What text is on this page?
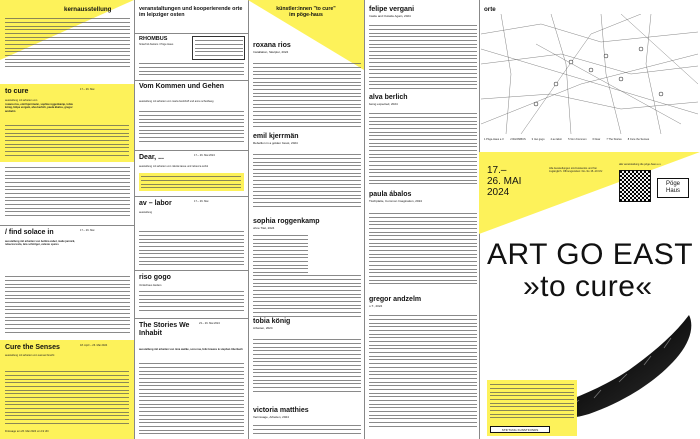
kernausstellung
to cure	17.– 26. Mai
ausstellung mit arbeiten von
roxana rios, emil bjerrmann, sophia roggenkamp, tobia könig, felipe vergani, alva berlich, paula ábalos, gregor andzelm
/ find solace in	17.– 26. Mai
ausstellung mit arbeiten von bettina zabel, maile jannick, rebecca tesla, lara schnitger, celeste speiss
Cure the Senses	18. April – 26. Mai 2024
ausstellung mit arbeiten von samuel bracht
Finissage am 26. Mai 2024 um 19 Uhr
veranstaltungen und kooperierende orte im leipziger osten
RHOMBUS
hinterhof Ateliers / Pöge Haus
Vom Kommen und Gehen
ausstellung mit arbeiten von maria beckhoff und anne scheidweg
Dear, ...	17.– 26. Mai 2024
ausstellung mit arbeiten von nikolai tasse und rebecca sohsl
av – labor	17.– 26. Mai
ausstellung
riso gogo
Vorderhaus Ateliers
The Stories We Inhabit
23.– 26. Mai 2024
ausstellung mit arbeiten von nina weilke, sora noa, felix krewes & stephan tiberbach
künstler:innen "to cure" im pöge-haus
roxana rios
Installation, Skulptur, 2024
emil kjerrmän
Rebellion in a golden forest, 2024
sophia roggenkamp
ohne Titel, 2024
tobia könig
Arbeiten, 2024
victoria matthies
Vernissage, Arbeiten, 2024
felipe vergani
Inside and Outside Again, 2024
alva berlich
being expected, 2024
paula ábalos
Tischplatte, Common Imagination, 2024
gregor andzelm
o.T., 2024
orte
1 Pöge-Haus e.V. 2 RHOMBUS 3 riso gogo 4 av-labor 5 Vom Kommen 6 Dear 7 The Stories 8 Cure the Senses
17.–
26. MAI
2024
Alle Ausstellungen sind kostenlos und frei zugänglich. Öffnungszeiten: Do–So 15–19 Uhr
alle veranstaltung die pöge-haus e.v.
Pöge
Haus
ART GO EAST
»to cure«
STIFTUNG KUNSTFONDS
